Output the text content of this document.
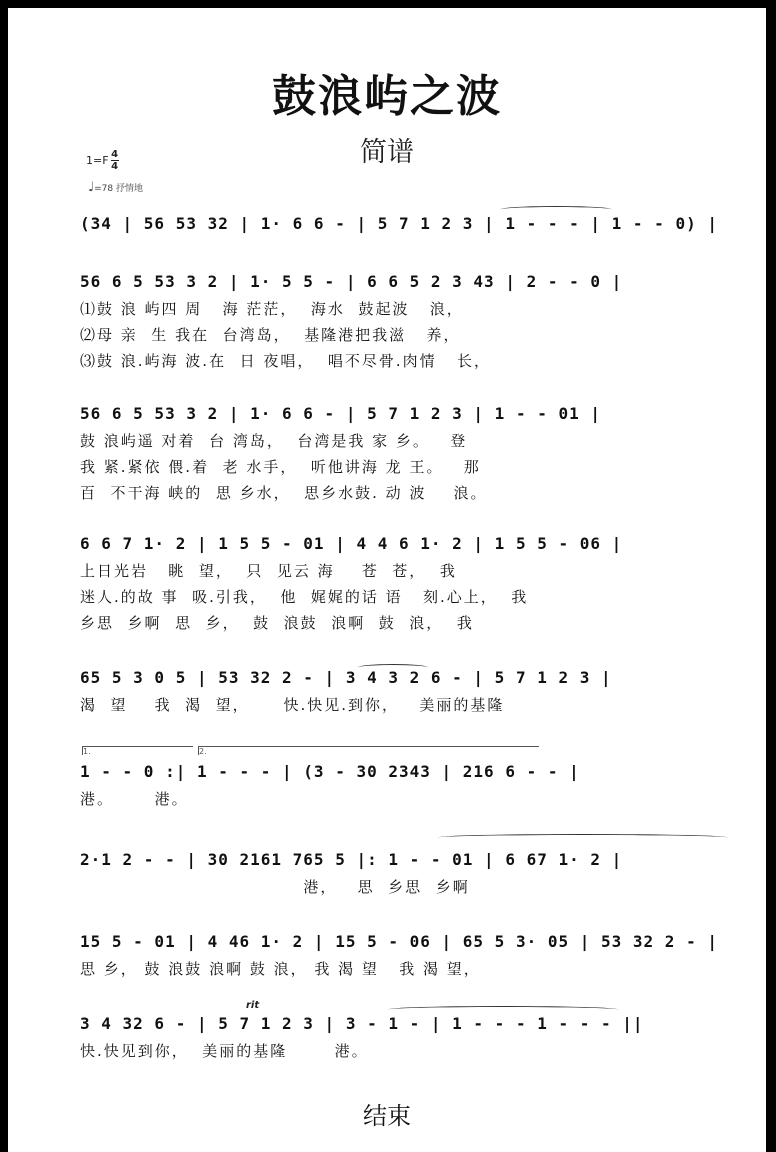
鼓浪屿之波
简谱
$1=F \frac{4}{4}$
♩=78 抒情地
(34 | 56 53 32 | 1· 6 6 - | 5 7 1 2 3 | 1 - - - | 1 - - 0) |
56 6 5 53 3 2 | 1· 5 5 - | 6 6 5 2 3 43 | 2 - - 0 |
⑴鼓 浪 屿四 周   海 茫茫，  海水  鼓起波   浪，
⑵母 亲  生 我在  台湾岛，  基隆港把我滋   养，
⑶鼓 浪.屿海 波.在  日 夜唱，  唱不尽骨.肉情   长，
56 6 5 53 3 2 | 1· 6 6 - | 5 7 1 2 3 | 1 - - 01 |
鼓 浪屿遥 对着  台 湾岛，  台湾是我 家 乡。   登
我 紧.紧依 偎.着  老 水手，  听他讲海 龙 王。   那
百  不干海 峡的  思 乡水，  思乡水鼓. 动 波    浪。
6 6 7 1· 2 | 1 5 5 - 01 | 4 4 6 1· 2 | 1 5 5 - 06 |
上日光岩   眺  望，  只  见云 海    苍  苍，  我
迷人.的故 事  吸.引我，  他  娓娓的话 语   刻.心上，  我
乡思  乡啊  思  乡，  鼓  浪鼓  浪啊  鼓  浪，  我
65 5 3 0 5 | 53 32 2 - | 3 4 3 2 6 - | 5 7 1 2 3 |
渴  望    我  渴  望，     快.快见.到你，   美丽的基隆
1.	2.
1 - - 0 :| 1 - - - | (3 - 30 2343 | 216 6 - - |
港。      港。
2·1 2 - - | 30 2161 765 5 |: 1 - - 01 | 6 67 1· 2 |
港，   思  乡思  乡啊
15 5 - 01 | 4 46 1· 2 | 15 5 - 06 | 65 5 3· 05 | 53 32 2 - |
思 乡， 鼓 浪鼓 浪啊 鼓 浪， 我 渴 望   我 渴 望，
rit
3 4 32 6 - | 5 7 1 2 3 | 3 - 1 - | 1 - - - 1 - - - ||
快.快见到你，  美丽的基隆       港。
结束
